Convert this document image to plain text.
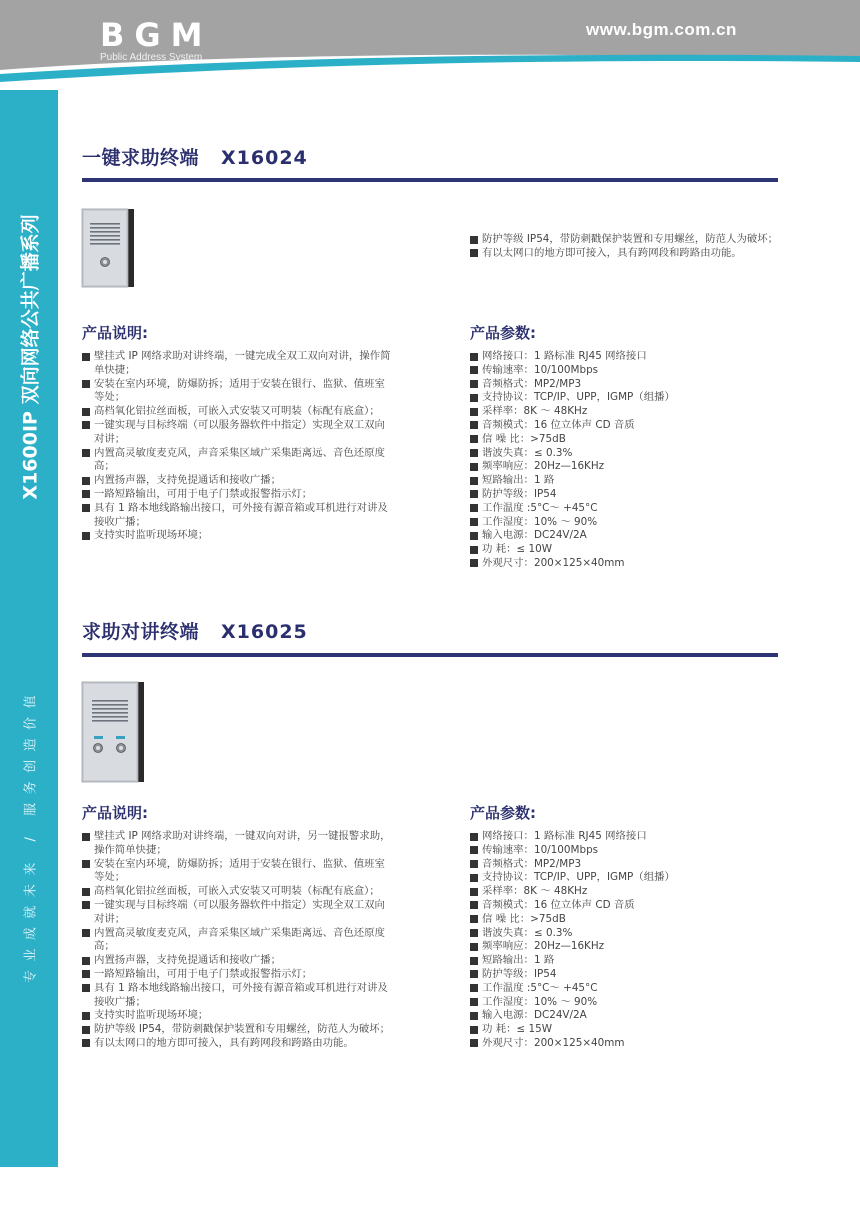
BGM
Public Address System
www.bgm.com.cn
X1600IP 双向网络公共广播系列
专业成就未来 / 服务创造价值
33
一键求助终端 X16024
防护等级 IP54，带防刺戳保护装置和专用螺丝，防范人为破坏；
有以太网口的地方即可接入，具有跨网段和跨路由功能。
产品说明:	产品参数:
壁挂式 IP 网络求助对讲终端，一键完成全双工双向对讲，操作简单快捷；
安装在室内环境，防爆防拆；适用于安装在银行、监狱、值班室等处；
高档氧化铝拉丝面板，可嵌入式安装又可明装（标配有底盒）；
一键实现与目标终端（可以服务器软件中指定）实现全双工双向对讲；
内置高灵敏度麦克风，声音采集区域广采集距离远、音色还原度高；
内置扬声器，支持免提通话和接收广播；
一路短路输出，可用于电子门禁或报警指示灯；
具有 1 路本地线路输出接口，可外接有源音箱或耳机进行对讲及接收广播；
支持实时监听现场环境；
网络接口：1 路标准 RJ45 网络接口
传输速率：10/100Mbps
音频格式：MP2/MP3
支持协议：TCP/IP、UPP，IGMP（组播）
采样率：8K ～ 48KHz
音频模式：16 位立体声 CD 音质
信 噪 比：>75dB
谐波失真：≤ 0.3%
频率响应：20Hz—16KHz
短路输出：1 路
防护等级：IP54
工作温度 :5°C～ +45°C
工作湿度：10% ～ 90%
输入电源：DC24V/2A
功 耗：≤ 10W
外观尺寸：200×125×40mm
求助对讲终端 X16025
产品说明:	产品参数:
壁挂式 IP 网络求助对讲终端，一键双向对讲，另一键报警求助，操作简单快捷；
安装在室内环境，防爆防拆；适用于安装在银行、监狱、值班室等处；
高档氧化铝拉丝面板，可嵌入式安装又可明装（标配有底盒）；
一键实现与目标终端（可以服务器软件中指定）实现全双工双向对讲；
内置高灵敏度麦克风，声音采集区域广采集距离远、音色还原度高；
内置扬声器，支持免提通话和接收广播；
一路短路输出，可用于电子门禁或报警指示灯；
具有 1 路本地线路输出接口，可外接有源音箱或耳机进行对讲及接收广播；
支持实时监听现场环境；
防护等级 IP54，带防刺戳保护装置和专用螺丝，防范人为破坏；
有以太网口的地方即可接入，具有跨网段和跨路由功能。
网络接口：1 路标准 RJ45 网络接口
传输速率：10/100Mbps
音频格式：MP2/MP3
支持协议：TCP/IP、UPP，IGMP（组播）
采样率：8K ～ 48KHz
音频模式：16 位立体声 CD 音质
信 噪 比：>75dB
谐波失真：≤ 0.3%
频率响应：20Hz—16KHz
短路输出：1 路
防护等级：IP54
工作温度 :5°C～ +45°C
工作湿度：10% ～ 90%
输入电源：DC24V/2A
功 耗：≤ 15W
外观尺寸：200×125×40mm
